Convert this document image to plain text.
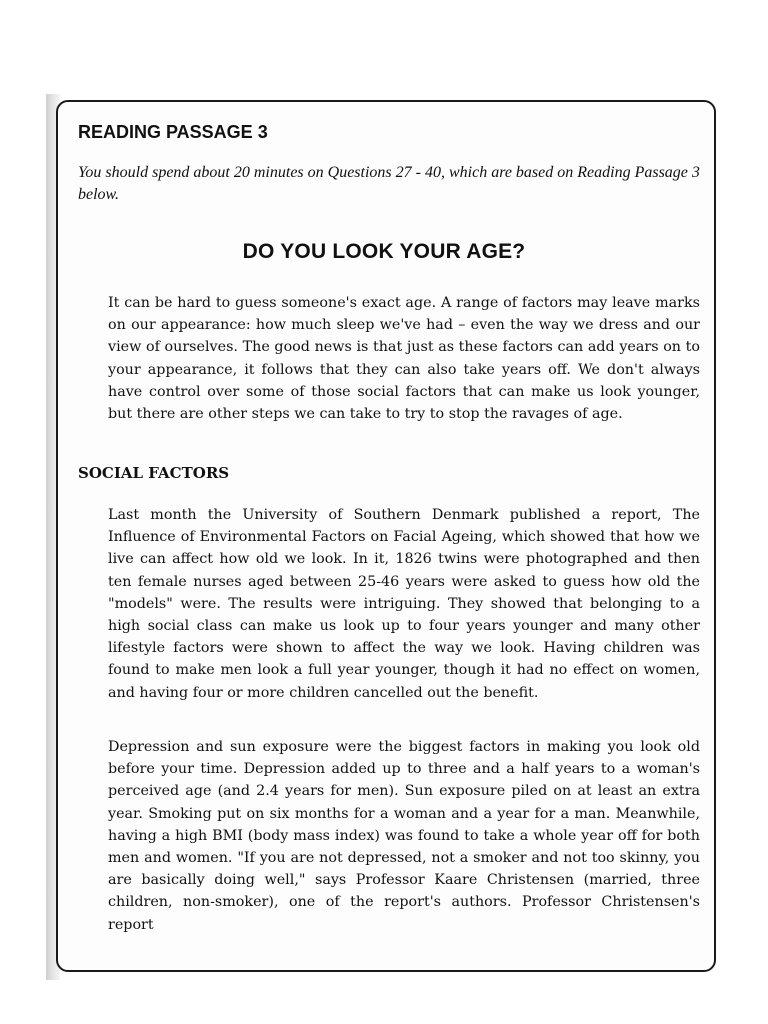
READING PASSAGE 3

You should spend about 20 minutes on Questions 27 - 40, which are based on Reading Passage 3 below.

DO YOU LOOK YOUR AGE?

It can be hard to guess someone's exact age. A range of factors may leave marks on our appearance: how much sleep we've had – even the way we dress and our view of ourselves. The good news is that just as these factors can add years on to your appearance, it follows that they can also take years off. We don't always have control over some of those social factors that can make us look younger, but there are other steps we can take to try to stop the ravages of age.

SOCIAL FACTORS

Last month the University of Southern Denmark published a report, The Influence of Environmental Factors on Facial Ageing, which showed that how we live can affect how old we look. In it, 1826 twins were photographed and then ten female nurses aged between 25-46 years were asked to guess how old the "models" were. The results were intriguing. They showed that belonging to a high social class can make us look up to four years younger and many other lifestyle factors were shown to affect the way we look. Having children was found to make men look a full year younger, though it had no effect on women, and having four or more children cancelled out the benefit.

Depression and sun exposure were the biggest factors in making you look old before your time. Depression added up to three and a half years to a woman's perceived age (and 2.4 years for men). Sun exposure piled on at least an extra year. Smoking put on six months for a woman and a year for a man. Meanwhile, having a high BMI (body mass index) was found to take a whole year off for both men and women. "If you are not depressed, not a smoker and not too skinny, you are basically doing well," says Professor Kaare Christensen (married, three children, non-smoker), one of the report's authors. Professor Christensen's report
